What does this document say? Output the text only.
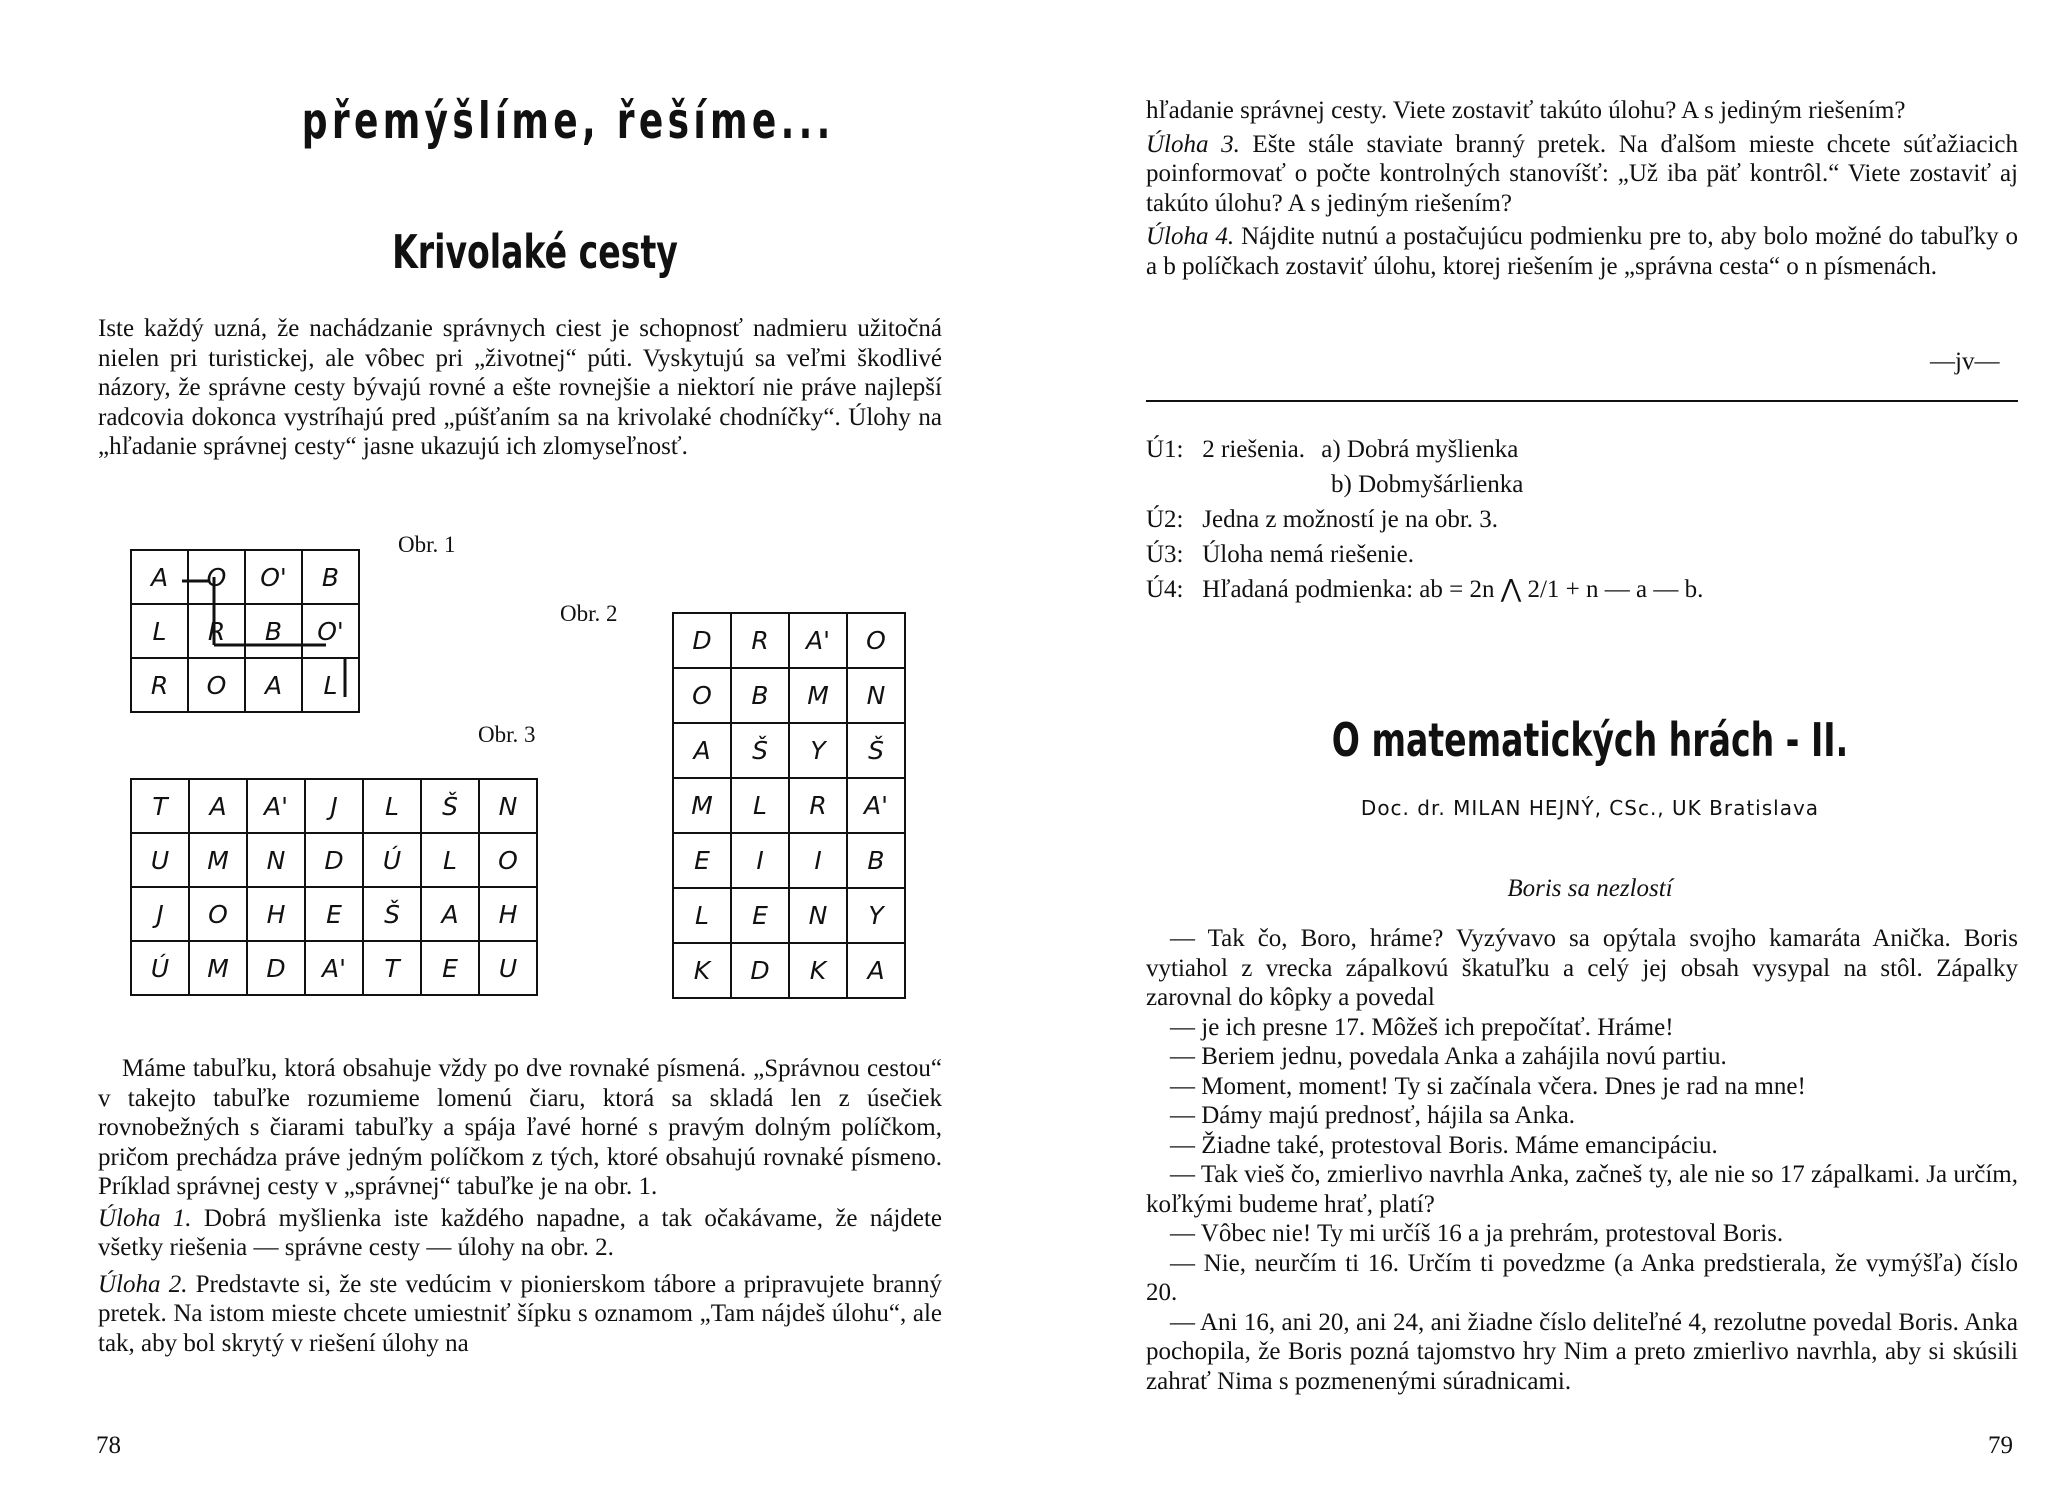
přemýšlíme, řešíme...
Krivolaké cesty

Iste každý uzná, že nachádzanie správnych ciest je schopnosť nadmieru užitočná nielen pri turistickej, ale vôbec pri „životnej“ púti. Vyskytujú sa veľmi škodlivé názory, že správne cesty bývajú rovné a ešte rovnejšie a niektorí nie práve najlepší radcovia dokonca vystríhajú pred „púšťaním sa na krivolaké chodníčky“. Úlohy na „hľadanie správnej cesty“ jasne ukazujú ich zlomyseľnosť.

A	O	O'	B
L	R	B	O'
R	O	A	L
Obr. 1
Obr. 2
Obr. 3
T	A	A'	J	L	Š	N
U	M	N	D	Ú	L	O
J	O	H	E	Š	A	H
Ú	M	D	A'	T	E	U
D	R	A'	O
O	B	M	N
A	Š	Y	Š
M	L	R	A'
E	I	I	B
L	E	N	Y
K	D	K	A

Máme tabuľku, ktorá obsahuje vždy po dve rovnaké písmená. „Správnou cestou“ v takejto tabuľke rozumieme lomenú čiaru, ktorá sa skladá len z úsečiek rovnobežných s čiarami tabuľky a spája ľavé horné s pravým dolným políčkom, pričom prechádza práve jedným políčkom z tých, ktoré obsahujú rovnaké písmeno. Príklad správnej cesty v „správnej“ tabuľke je na obr. 1.

Úloha 1. Dobrá myšlienka iste každého napadne, a tak očakávame, že nájdete všetky riešenia — správne cesty — úlohy na obr. 2.

Úloha 2. Predstavte si, že ste vedúcim v pionierskom tábore a pripravujete branný pretek. Na istom mieste chcete umiestniť šípku s oznamom „Tam nájdeš úlohu“, ale tak, aby bol skrytý v riešení úlohy na

78

hľadanie správnej cesty. Viete zostaviť takúto úlohu? A s jediným riešením?

Úloha 3. Ešte stále staviate branný pretek. Na ďalšom mieste chcete súťažiacich poinformovať o počte kontrolných stanovíšť: „Už iba päť kontrôl.“ Viete zostaviť aj takúto úlohu? A s jediným riešením?

Úloha 4. Nájdite nutnú a postačujúcu podmienku pre to, aby bolo možné do tabuľky o a b políčkach zostaviť úlohu, ktorej riešením je „správna cesta“ o n písmenách.

—jv—
Ú1: 2 riešenia. a) Dobrá myšlienka
b) Dobmyšárlienka
Ú2: Jedna z možností je na obr. 3.
Ú3: Úloha nemá riešenie.
Ú4: Hľadaná podmienka: ab = 2n ⋀ 2/1 + n — a — b.
O matematických hrách - II.
Doc. dr. MILAN HEJNÝ, CSc., UK Bratislava
Boris sa nezlostí

— Tak čo, Boro, hráme? Vyzývavo sa opýtala svojho kamaráta Anička. Boris vytiahol z vrecka zápalkovú škatuľku a celý jej obsah vysypal na stôl. Zápalky zarovnal do kôpky a povedal

— je ich presne 17. Môžeš ich prepočítať. Hráme!

— Beriem jednu, povedala Anka a zahájila novú partiu.

— Moment, moment! Ty si začínala včera. Dnes je rad na mne!

— Dámy majú prednosť, hájila sa Anka.

— Žiadne také, protestoval Boris. Máme emancipáciu.

— Tak vieš čo, zmierlivo navrhla Anka, začneš ty, ale nie so 17 zápalkami. Ja určím, koľkými budeme hrať, platí?

— Vôbec nie! Ty mi určíš 16 a ja prehrám, protestoval Boris.

— Nie, neurčím ti 16. Určím ti povedzme (a Anka predstierala, že vymýšľa) číslo 20.

— Ani 16, ani 20, ani 24, ani žiadne číslo deliteľné 4, rezolutne povedal Boris. Anka pochopila, že Boris pozná tajomstvo hry Nim a preto zmierlivo navrhla, aby si skúsili zahrať Nima s pozmenenými súradnicami.

79
